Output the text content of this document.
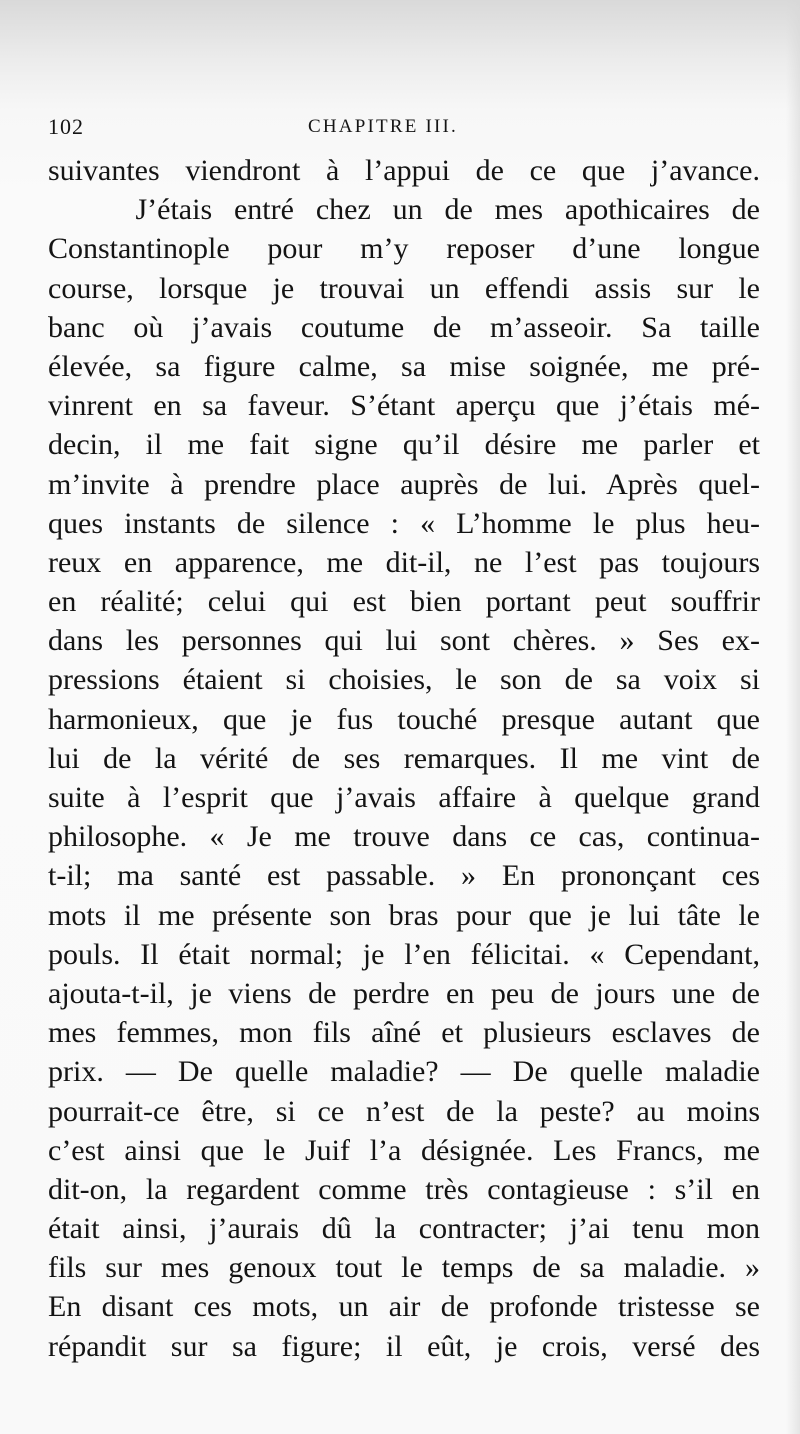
102	CHAPITRE III.
suivantes viendront à l’appui de ce que j’avance.
J’étais entré chez un de mes apothicaires de
Constantinople pour m’y reposer d’une longue
course, lorsque je trouvai un effendi assis sur le
banc où j’avais coutume de m’asseoir. Sa taille
élevée, sa figure calme, sa mise soignée, me pré-
vinrent en sa faveur. S’étant aperçu que j’étais mé-
decin, il me fait signe qu’il désire me parler et
m’invite à prendre place auprès de lui. Après quel-
ques instants de silence : « L’homme le plus heu-
reux en apparence, me dit-il, ne l’est pas toujours
en réalité; celui qui est bien portant peut souffrir
dans les personnes qui lui sont chères. » Ses ex-
pressions étaient si choisies, le son de sa voix si
harmonieux, que je fus touché presque autant que
lui de la vérité de ses remarques. Il me vint de
suite à l’esprit que j’avais affaire à quelque grand
philosophe. « Je me trouve dans ce cas, continua-
t-il; ma santé est passable. » En prononçant ces
mots il me présente son bras pour que je lui tâte le
pouls. Il était normal; je l’en félicitai. « Cependant,
ajouta-t-il, je viens de perdre en peu de jours une de
mes femmes, mon fils aîné et plusieurs esclaves de
prix. — De quelle maladie? — De quelle maladie
pourrait-ce être, si ce n’est de la peste? au moins
c’est ainsi que le Juif l’a désignée. Les Francs, me
dit-on, la regardent comme très contagieuse : s’il en
était ainsi, j’aurais dû la contracter; j’ai tenu mon
fils sur mes genoux tout le temps de sa maladie. »
En disant ces mots, un air de profonde tristesse se
répandit sur sa figure; il eût, je crois, versé des
